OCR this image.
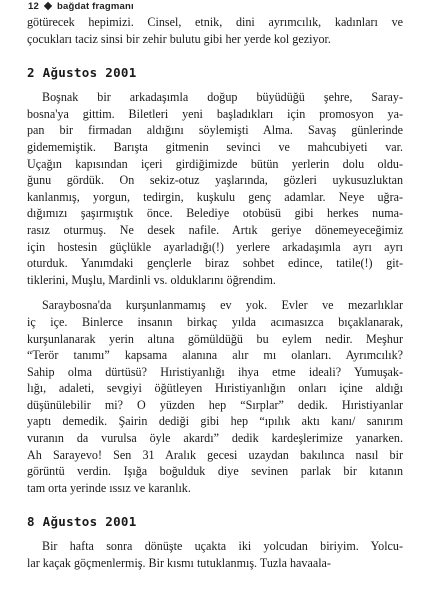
12 bağdat fragmanı

götürecek hepimizi. Cinsel, etnik, dini ayrımcılık, kadınları ve
çocukları taciz sinsi bir zehir bulutu gibi her yerde kol geziyor.

2 Ağustos 2001

Boşnak bir arkadaşımla doğup büyüdüğü şehre, Saray-
bosna'ya gittim. Biletleri yeni başladıkları için promosyon ya-
pan bir firmadan aldığını söylemişti Alma. Savaş günlerinde
gidememiştik. Barışta gitmenin sevinci ve mahcubiyeti var.
Uçağın kapısından içeri girdiğimizde bütün yerlerin dolu oldu-
ğunu gördük. On sekiz-otuz yaşlarında, gözleri uykusuzluktan
kanlanmış, yorgun, tedirgin, kuşkulu genç adamlar. Neye uğra-
dığımızı şaşırmıştık önce. Belediye otobüsü gibi herkes numa-
rasız oturmuş. Ne desek nafile. Artık geriye dönemeyeceğimiz
için hostesin güçlükle ayarladığı(!) yerlere arkadaşımla ayrı ayrı
oturduk. Yanımdaki gençlerle biraz sohbet edince, tatile(!) git-
tiklerini, Muşlu, Mardinli vs. olduklarını öğrendim.

Saraybosna'da kurşunlanmamış ev yok. Evler ve mezarlıklar
iç içe. Binlerce insanın birkaç yılda acımasızca bıçaklanarak,
kurşunlanarak yerin altına gömüldüğü bu eylem nedir. Meşhur
“Terör tanımı” kapsama alanına alır mı olanları. Ayrımcılık?
Sahip olma dürtüsü? Hıristiyanlığı ihya etme ideali? Yumuşak-
lığı, adaleti, sevgiyi öğütleyen Hıristiyanlığın onları içine aldığı
düşünülebilir mi? O yüzden hep “Sırplar” dedik. Hıristiyanlar
yaptı demedik. Şairin dediği gibi hep “ıpılık aktı kanı/ sanırım
vuranın da vurulsa öyle akardı” dedik kardeşlerimize yanarken.
Ah Sarayevo! Sen 31 Aralık gecesi uzaydan bakılınca nasıl bir
görüntü verdin. Işığa boğulduk diye sevinen parlak bir kıtanın
tam orta yerinde ıssız ve karanlık.

8 Ağustos 2001

Bir hafta sonra dönüşte uçakta iki yolcudan biriyim. Yolcu-
lar kaçak göçmenlermiş. Bir kısmı tutuklanmış. Tuzla havaala-
